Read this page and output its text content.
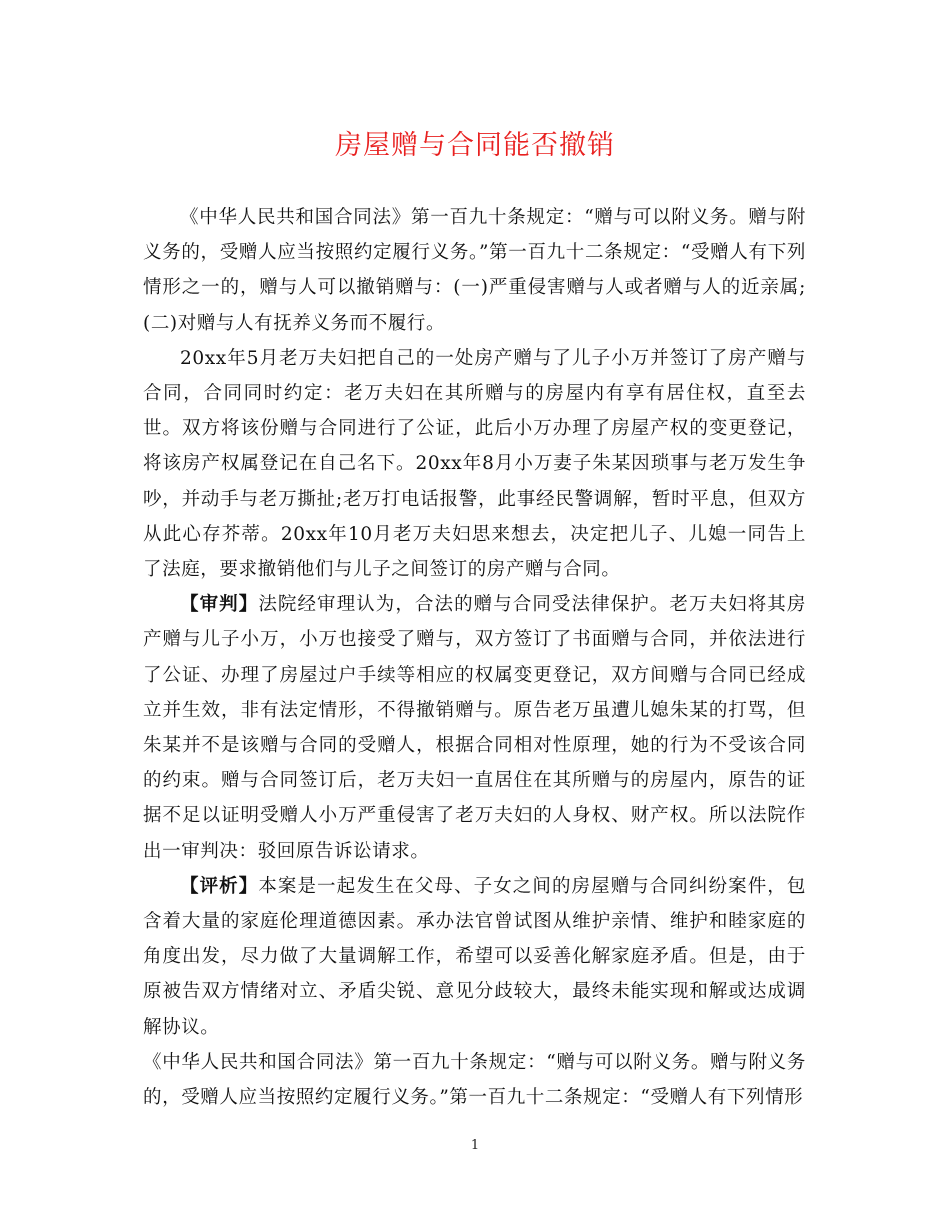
房屋赠与合同能否撤销

《中华人民共和国合同法》第一百九十条规定：“赠与可以附义务。赠与附义务的，受赠人应当按照约定履行义务。”第一百九十二条规定：“受赠人有下列情形之一的，赠与人可以撤销赠与：(一)严重侵害赠与人或者赠与人的近亲属;(二)对赠与人有抚养义务而不履行。

20xx年5月老万夫妇把自己的一处房产赠与了儿子小万并签订了房产赠与合同，合同同时约定：老万夫妇在其所赠与的房屋内有享有居住权，直至去世。双方将该份赠与合同进行了公证，此后小万办理了房屋产权的变更登记，将该房产权属登记在自己名下。20xx年8月小万妻子朱某因琐事与老万发生争吵，并动手与老万撕扯;老万打电话报警，此事经民警调解，暂时平息，但双方从此心存芥蒂。20xx年10月老万夫妇思来想去，决定把儿子、儿媳一同告上了法庭，要求撤销他们与儿子之间签订的房产赠与合同。

【审判】法院经审理认为，合法的赠与合同受法律保护。老万夫妇将其房产赠与儿子小万，小万也接受了赠与，双方签订了书面赠与合同，并依法进行了公证、办理了房屋过户手续等相应的权属变更登记，双方间赠与合同已经成立并生效，非有法定情形，不得撤销赠与。原告老万虽遭儿媳朱某的打骂，但朱某并不是该赠与合同的受赠人，根据合同相对性原理，她的行为不受该合同的约束。赠与合同签订后，老万夫妇一直居住在其所赠与的房屋内，原告的证据不足以证明受赠人小万严重侵害了老万夫妇的人身权、财产权。所以法院作出一审判决：驳回原告诉讼请求。

【评析】本案是一起发生在父母、子女之间的房屋赠与合同纠纷案件，包含着大量的家庭伦理道德因素。承办法官曾试图从维护亲情、维护和睦家庭的角度出发，尽力做了大量调解工作，希望可以妥善化解家庭矛盾。但是，由于原被告双方情绪对立、矛盾尖锐、意见分歧较大，最终未能实现和解或达成调解协议。

《中华人民共和国合同法》第一百九十条规定：“赠与可以附义务。赠与附义务的，受赠人应当按照约定履行义务。”第一百九十二条规定：“受赠人有下列情形

1
